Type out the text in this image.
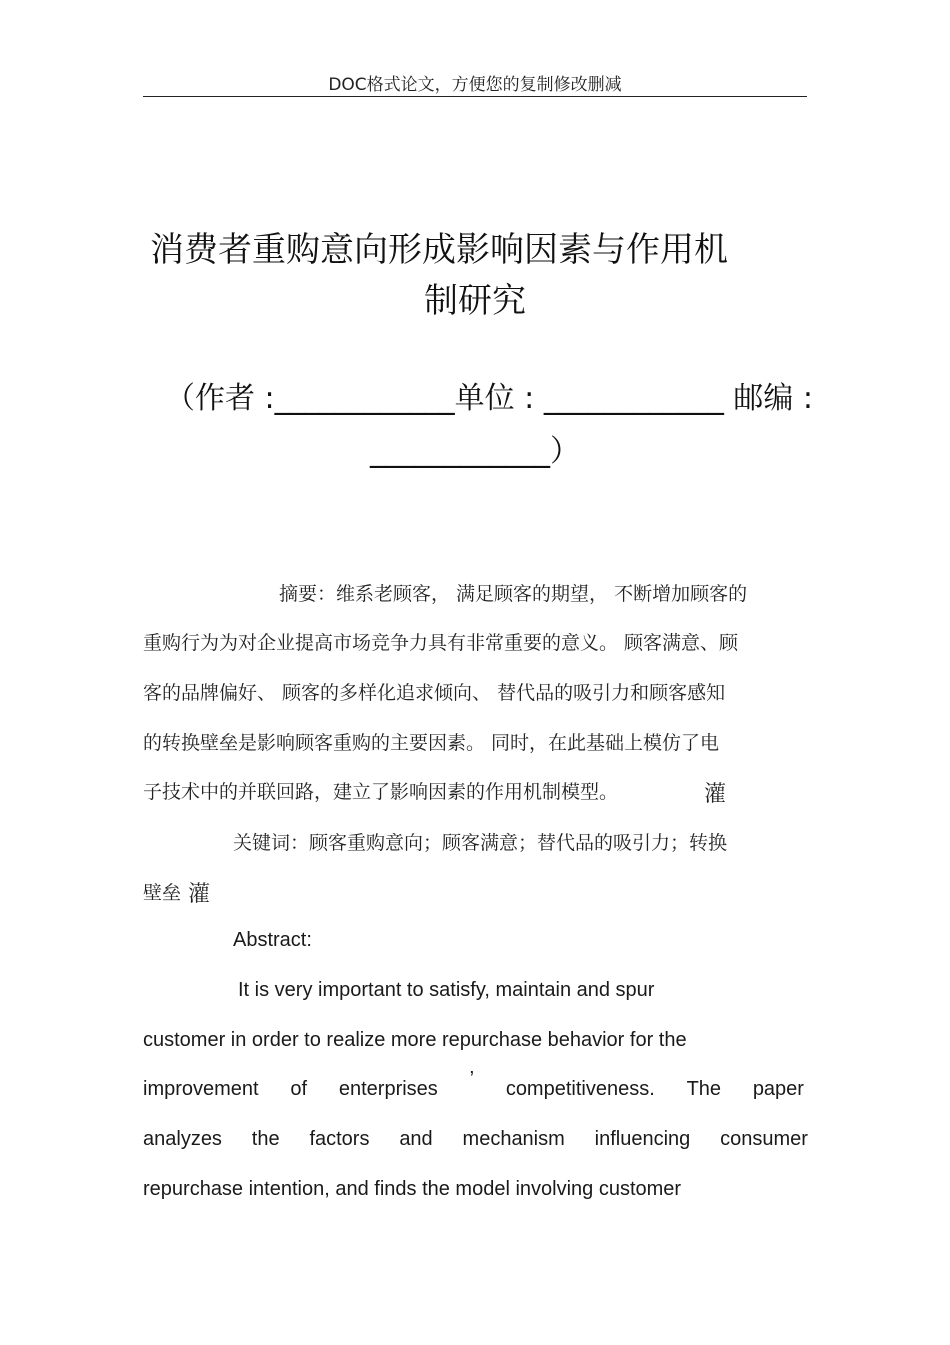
DOC格式论文，方便您的复制修改删减
消费者重购意向形成影响因素与作用机
制研究
（作者 :____________单位 : ____________ 邮编 :
____________）
摘要：维系老顾客， 满足顾客的期望， 不断增加顾客的
重购行为为对企业提高市场竞争力具有非常重要的意义。 顾客满意、顾
客的品牌偏好、 顾客的多样化追求倾向、 替代品的吸引力和顾客感知
的转换壁垒是影响顾客重购的主要因素。 同时，在此基础上模仿了电
子技术中的并联回路，建立了影响因素的作用机制模型。	灌
关键词：顾客重购意向；顾客满意；替代品的吸引力；转换
壁垒 灌
Abstract:
It is very important to satisfy, maintain and spur
customer in order to realize more repurchase behavior for the
improvement of enterprises ’ competitiveness. The paper
analyzes the factors and mechanism influencing consumer
repurchase intention, and finds the model involving customer
